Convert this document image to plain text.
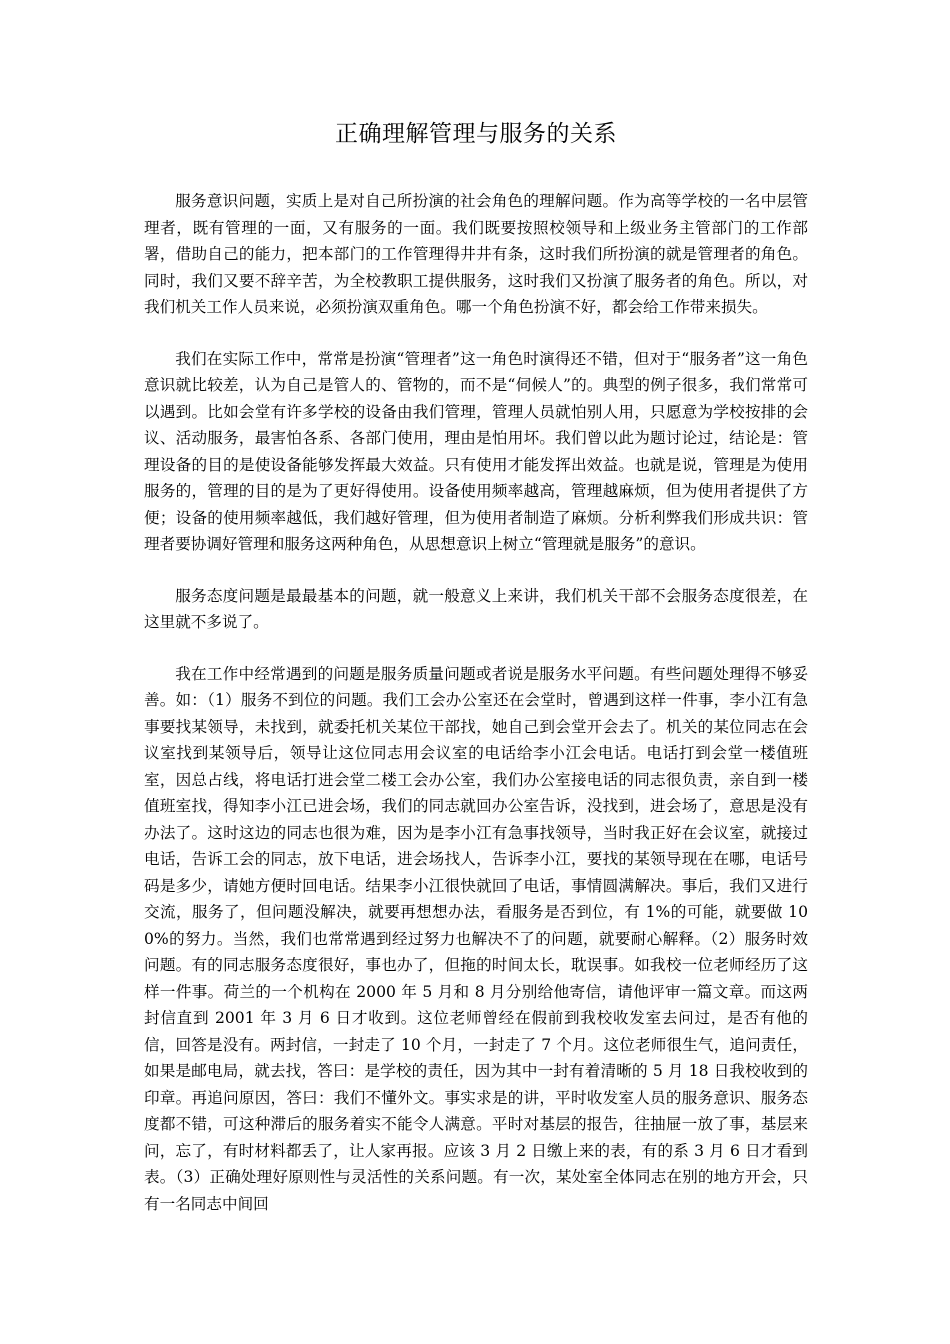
正确理解管理与服务的关系

服务意识问题，实质上是对自己所扮演的社会角色的理解问题。作为高等学校的一名中层管理者，既有管理的一面，又有服务的一面。我们既要按照校领导和上级业务主管部门的工作部署，借助自己的能力，把本部门的工作管理得井井有条，这时我们所扮演的就是管理者的角色。同时，我们又要不辞辛苦，为全校教职工提供服务，这时我们又扮演了服务者的角色。所以，对我们机关工作人员来说，必须扮演双重角色。哪一个角色扮演不好，都会给工作带来损失。

我们在实际工作中，常常是扮演“管理者”这一角色时演得还不错，但对于“服务者”这一角色意识就比较差，认为自己是管人的、管物的，而不是“伺候人”的。典型的例子很多，我们常常可以遇到。比如会堂有许多学校的设备由我们管理，管理人员就怕别人用，只愿意为学校按排的会议、活动服务，最害怕各系、各部门使用，理由是怕用坏。我们曾以此为题讨论过，结论是：管理设备的目的是使设备能够发挥最大效益。只有使用才能发挥出效益。也就是说，管理是为使用服务的，管理的目的是为了更好得使用。设备使用频率越高，管理越麻烦，但为使用者提供了方便；设备的使用频率越低，我们越好管理，但为使用者制造了麻烦。分析利弊我们形成共识：管理者要协调好管理和服务这两种角色，从思想意识上树立“管理就是服务”的意识。

服务态度问题是最最基本的问题，就一般意义上来讲，我们机关干部不会服务态度很差，在这里就不多说了。

我在工作中经常遇到的问题是服务质量问题或者说是服务水平问题。有些问题处理得不够妥善。如：（1）服务不到位的问题。我们工会办公室还在会堂时，曾遇到这样一件事，李小江有急事要找某领导，未找到，就委托机关某位干部找，她自己到会堂开会去了。机关的某位同志在会议室找到某领导后，领导让这位同志用会议室的电话给李小江会电话。电话打到会堂一楼值班室，因总占线，将电话打进会堂二楼工会办公室，我们办公室接电话的同志很负责，亲自到一楼值班室找，得知李小江已进会场，我们的同志就回办公室告诉，没找到，进会场了，意思是没有办法了。这时这边的同志也很为难，因为是李小江有急事找领导，当时我正好在会议室，就接过电话，告诉工会的同志，放下电话，进会场找人，告诉李小江，要找的某领导现在在哪，电话号码是多少，请她方便时回电话。结果李小江很快就回了电话，事情圆满解决。事后，我们又进行交流，服务了，但问题没解决，就要再想想办法，看服务是否到位，有 1%的可能，就要做 100%的努力。当然，我们也常常遇到经过努力也解决不了的问题，就要耐心解释。（2）服务时效问题。有的同志服务态度很好，事也办了，但拖的时间太长，耽误事。如我校一位老师经历了这样一件事。荷兰的一个机构在 2000 年 5 月和 8 月分别给他寄信，请他评审一篇文章。而这两封信直到 2001 年 3 月 6 日才收到。这位老师曾经在假前到我校收发室去问过，是否有他的信，回答是没有。两封信，一封走了 10 个月，一封走了 7 个月。这位老师很生气，追问责任，如果是邮电局，就去找，答曰：是学校的责任，因为其中一封有着清晰的 5 月 18 日我校收到的印章。再追问原因，答曰：我们不懂外文。事实求是的讲，平时收发室人员的服务意识、服务态度都不错，可这种滞后的服务着实不能令人满意。平时对基层的报告，往抽屉一放了事，基层来问，忘了，有时材料都丢了，让人家再报。应该 3 月 2 日缴上来的表，有的系 3 月 6 日才看到表。（3）正确处理好原则性与灵活性的关系问题。有一次，某处室全体同志在别的地方开会，只有一名同志中间回
